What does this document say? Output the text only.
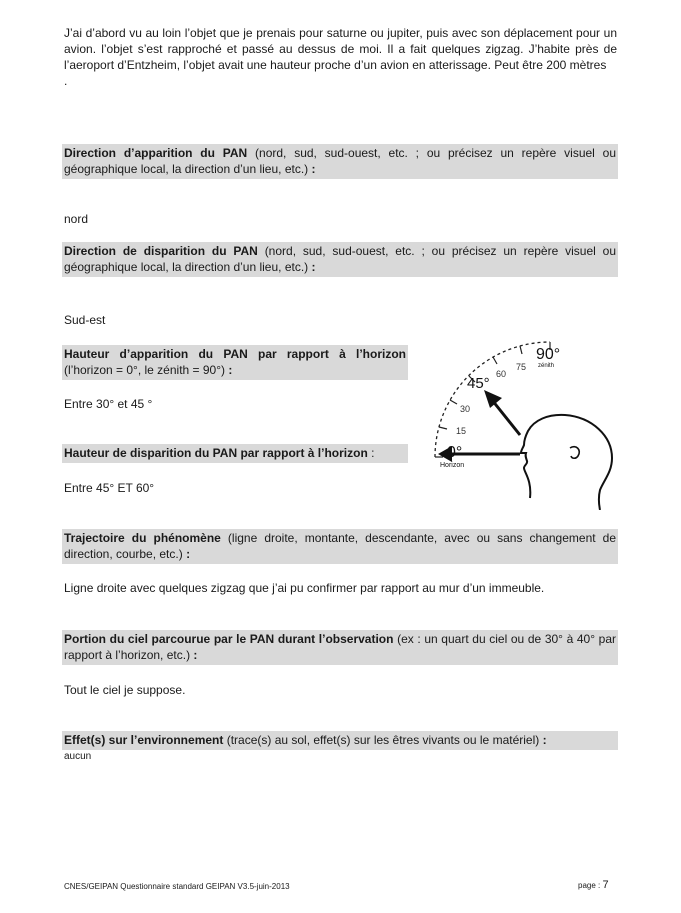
J’ai d’abord vu au loin l’objet que je prenais pour saturne ou jupiter, puis avec son déplacement pour un avion. l’objet s’est rapproché et passé au dessus de moi. Il a fait quelques zigzag. J’habite près de l’aeroport d’Entzheim, l’objet avait une hauteur proche d’un avion en atterissage. Peut être 200 mètres
.
Direction d’apparition du PAN (nord, sud, sud-ouest, etc. ; ou précisez un repère visuel ou géographique local, la direction d’un lieu, etc.) :
nord
Direction de disparition du PAN (nord, sud, sud-ouest, etc. ; ou précisez un repère visuel ou géographique local, la direction d’un lieu, etc.) :
Sud-est
Hauteur d’apparition du PAN par rapport à l’horizon (l’horizon = 0°, le zénith = 90°) :
Entre 30° et 45 °
Hauteur de disparition du PAN par rapport à l’horizon :
Entre 45° ET 60°
90°
zénith
75
60
45°
30
15
0°
Horizon
Trajectoire du phénomène (ligne droite, montante, descendante, avec ou sans changement de direction, courbe, etc.) :
Ligne droite avec quelques zigzag que j’ai pu confirmer par rapport au mur d’un immeuble.
Portion du ciel parcourue par le PAN durant l’observation (ex : un quart du ciel ou de 30° à 40° par rapport à l’horizon, etc.) :
Tout le ciel je suppose.
Effet(s) sur l’environnement (trace(s) au sol, effet(s) sur les êtres vivants ou le matériel) :
aucun
CNES/GEIPAN Questionnaire standard GEIPAN V3.5-juin-2013	page : 7
